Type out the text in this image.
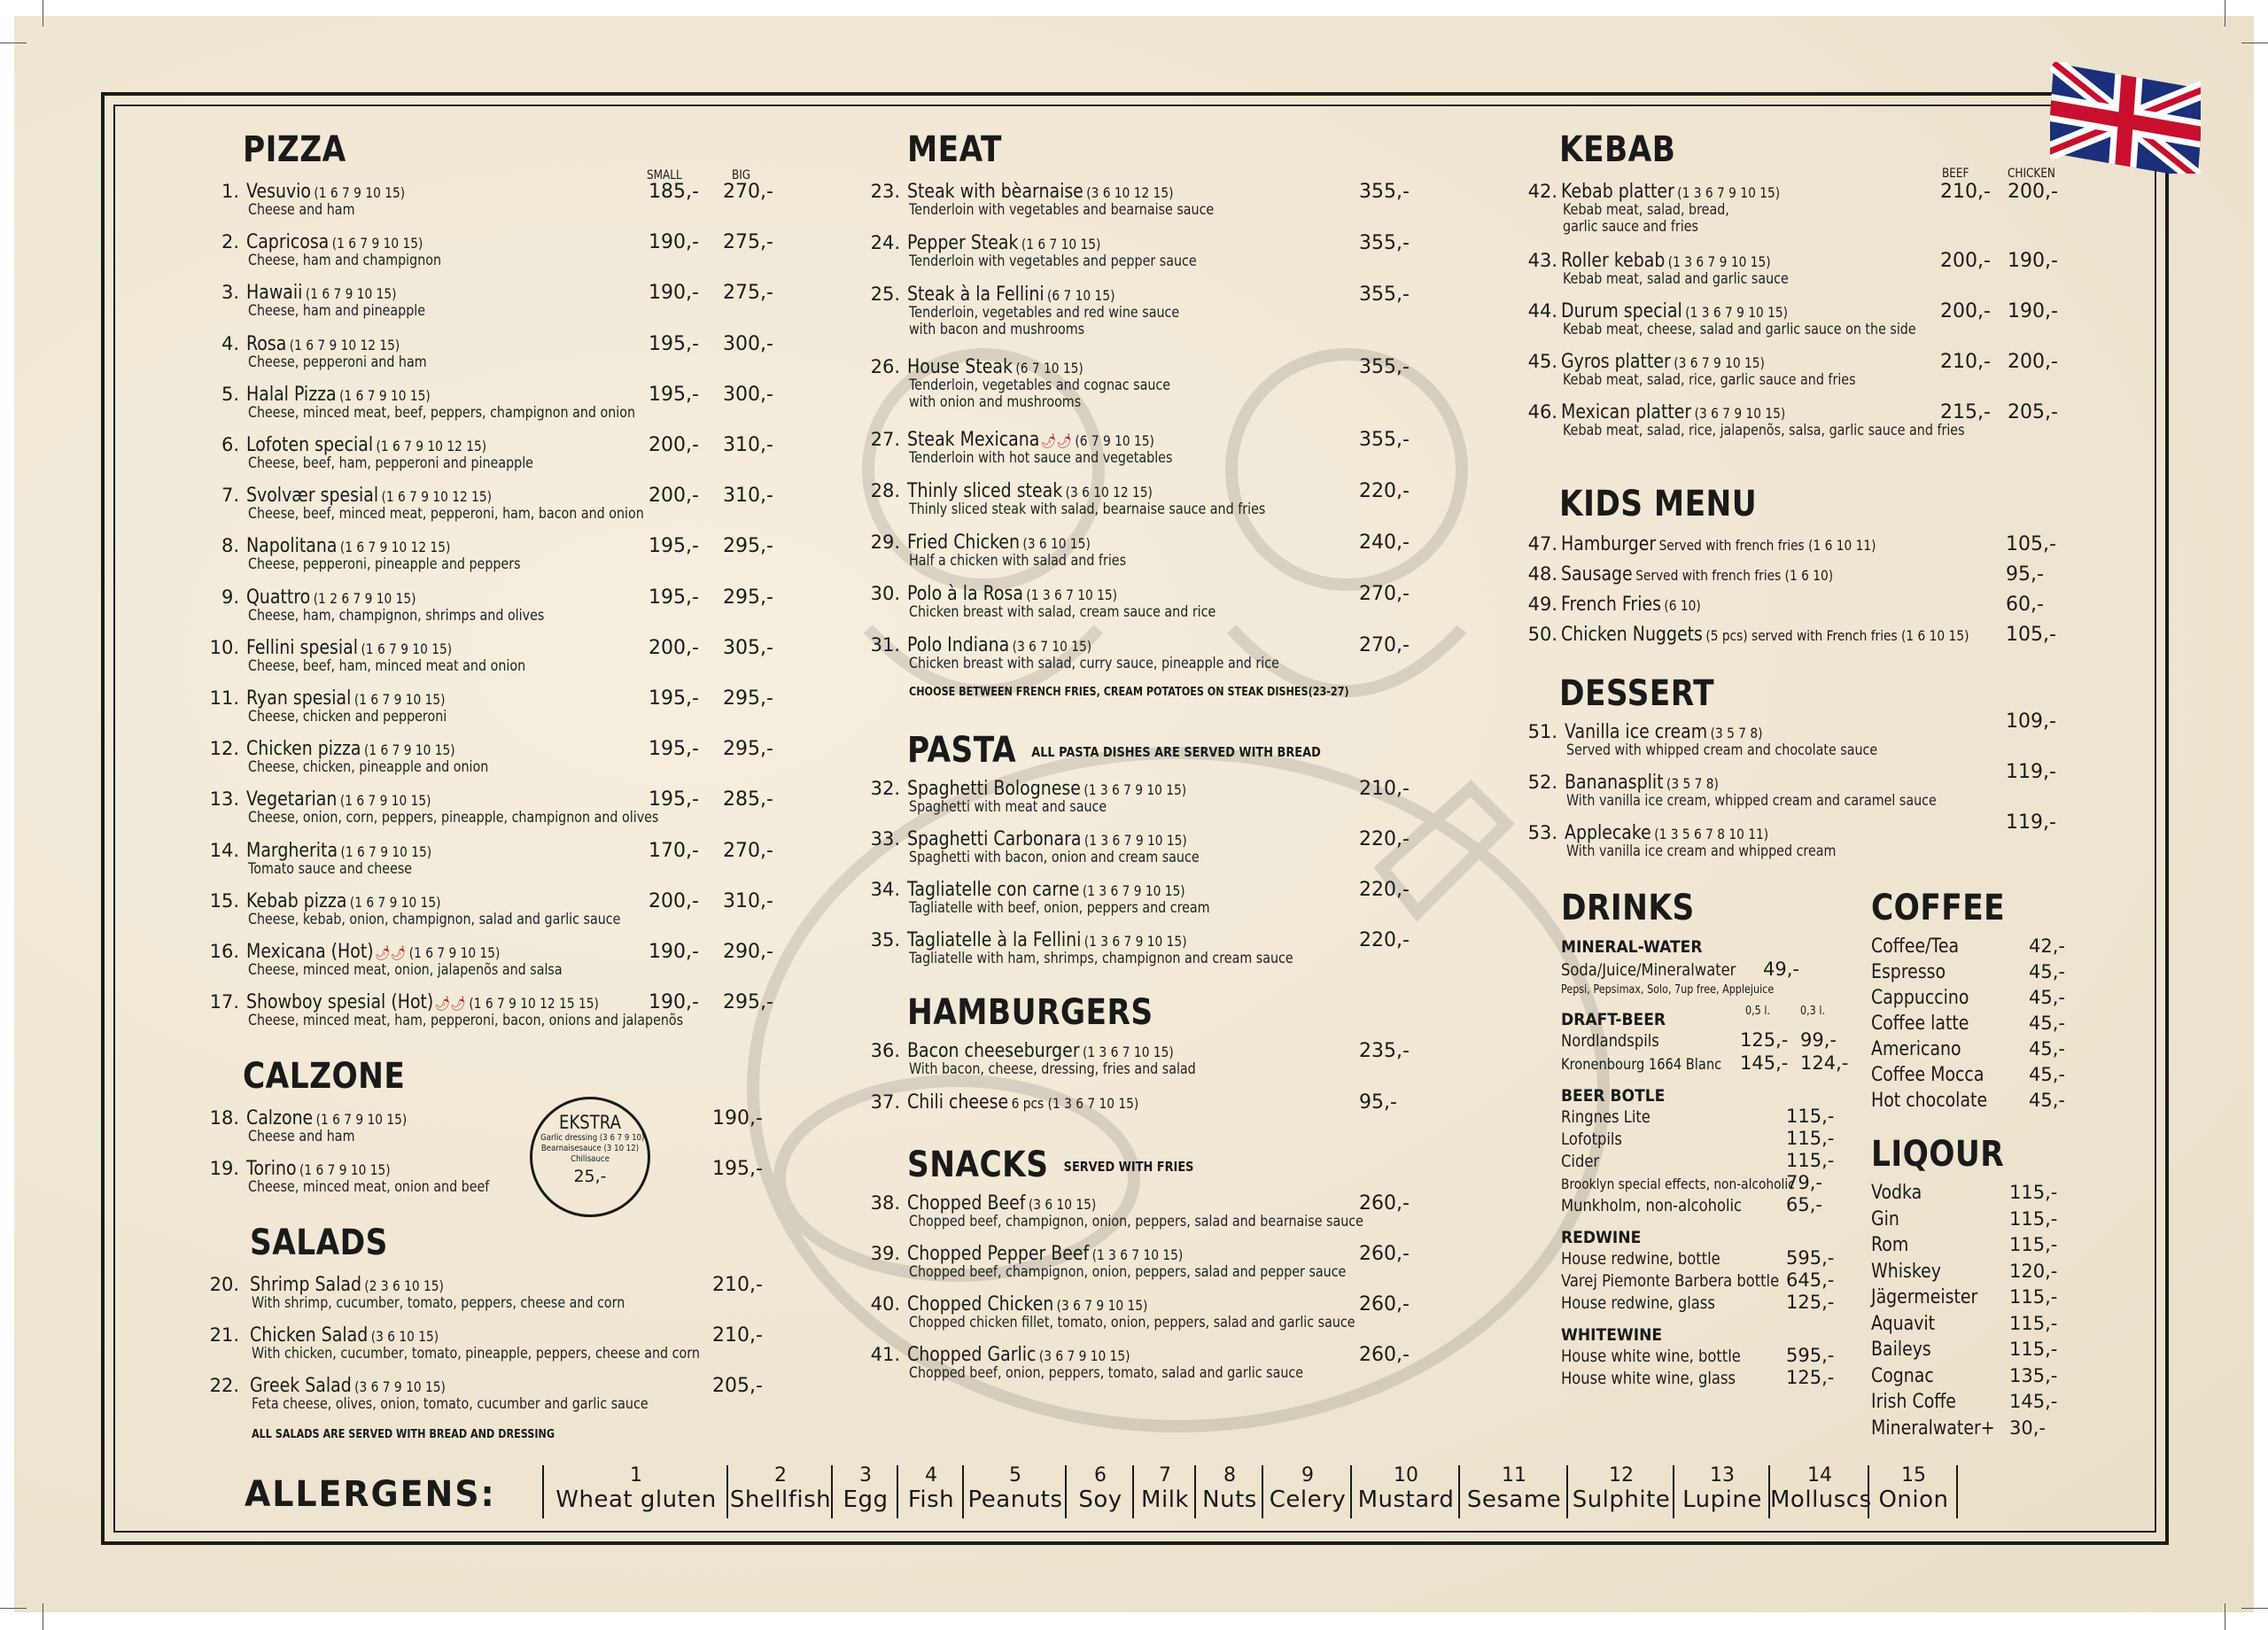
PIZZA
SMALL	BIG
1. Vesuvio (1 6 7 9 10 15)
Cheese and ham
185,- 270,-
2. Capricosa (1 6 7 9 10 15)
Cheese, ham and champignon
190,- 275,-
3. Hawaii (1 6 7 9 10 15)
Cheese, ham and pineapple
190,- 275,-
4. Rosa (1 6 7 9 10 12 15)
Cheese, pepperoni and ham
195,- 300,-
5. Halal Pizza (1 6 7 9 10 15)
Cheese, minced meat, beef, peppers, champignon and onion
195,- 300,-
6. Lofoten special (1 6 7 9 10 12 15)
Cheese, beef, ham, pepperoni and pineapple
200,- 310,-
7. Svolvær spesial (1 6 7 9 10 12 15)
Cheese, beef, minced meat, pepperoni, ham, bacon and onion
200,- 310,-
8. Napolitana (1 6 7 9 10 12 15)
Cheese, pepperoni, pineapple and peppers
195,- 295,-
9. Quattro (1 2 6 7 9 10 15)
Cheese, ham, champignon, shrimps and olives
195,- 295,-
10. Fellini spesial (1 6 7 9 10 15)
Cheese, beef, ham, minced meat and onion
200,- 305,-
11. Ryan spesial (1 6 7 9 10 15)
Cheese, chicken and pepperoni
195,- 295,-
12. Chicken pizza (1 6 7 9 10 15)
Cheese, chicken, pineapple and onion
195,- 295,-
13. Vegetarian (1 6 7 9 10 15)
Cheese, onion, corn, peppers, pineapple, champignon and olives
195,- 285,-
14. Margherita (1 6 7 9 10 15)
Tomato sauce and cheese
170,- 270,-
15. Kebab pizza (1 6 7 9 10 15)
Cheese, kebab, onion, champignon, salad and garlic sauce
200,- 310,-
16. Mexicana (Hot) 🌶🌶 (1 6 7 9 10 15)
Cheese, minced meat, onion, jalapenõs and salsa
190,- 290,-
17. Showboy spesial (Hot) 🌶🌶 (1 6 7 9 10 12 15 15)
Cheese, minced meat, ham, pepperoni, bacon, onions and jalapenõs
190,- 295,-
CALZONE
18. Calzone (1 6 7 9 10 15)
Cheese and ham
190,-
19. Torino (1 6 7 9 10 15)
Cheese, minced meat, onion and beef
195,-
EKSTRA
Garlic dressing (3 6 7 9 10)
Bearnaisesauce (3 10 12)
Chilisauce
25,-
SALADS
20. Shrimp Salad (2 3 6 10 15)
With shrimp, cucumber, tomato, peppers, cheese and corn
210,-
21. Chicken Salad (3 6 10 15)
With chicken, cucumber, tomato, pineapple, peppers, cheese and corn
210,-
22. Greek Salad (3 6 7 9 10 15)
Feta cheese, olives, onion, tomato, cucumber and garlic sauce
205,-
ALL SALADS ARE SERVED WITH BREAD AND DRESSING
MEAT
23. Steak with bèarnaise (3 6 10 12 15)
Tenderloin with vegetables and bearnaise sauce
355,-
24. Pepper Steak (1 6 7 10 15)
Tenderloin with vegetables and pepper sauce
355,-
25. Steak à la Fellini (6 7 10 15)
Tenderloin, vegetables and red wine sauce
with bacon and mushrooms
355,-
26. House Steak (6 7 10 15)
Tenderloin, vegetables and cognac sauce
with onion and mushrooms
355,-
27. Steak Mexicana 🌶🌶 (6 7 9 10 15)
Tenderloin with hot sauce and vegetables
355,-
28. Thinly sliced steak (3 6 10 12 15)
Thinly sliced steak with salad, bearnaise sauce and fries
220,-
29. Fried Chicken (3 6 10 15)
Half a chicken with salad and fries
240,-
30. Polo à la Rosa (1 3 6 7 10 15)
Chicken breast with salad, cream sauce and rice
270,-
31. Polo Indiana (3 6 7 10 15)
Chicken breast with salad, curry sauce, pineapple and rice
270,-
CHOOSE BETWEEN FRENCH FRIES, CREAM POTATOES ON STEAK DISHES(23-27)
PASTA ALL PASTA DISHES ARE SERVED WITH BREAD
32. Spaghetti Bolognese (1 3 6 7 9 10 15)
Spaghetti with meat and sauce
210,-
33. Spaghetti Carbonara (1 3 6 7 9 10 15)
Spaghetti with bacon, onion and cream sauce
220,-
34. Tagliatelle con carne (1 3 6 7 9 10 15)
Tagliatelle with beef, onion, peppers and cream
220,-
35. Tagliatelle à la Fellini (1 3 6 7 9 10 15)
Tagliatelle with ham, shrimps, champignon and cream sauce
220,-
HAMBURGERS
36. Bacon cheeseburger (1 3 6 7 10 15)
With bacon, cheese, dressing, fries and salad
235,-
37. Chili cheese 6 pcs (1 3 6 7 10 15)	95,-
SNACKS SERVED WITH FRIES
38. Chopped Beef (3 6 10 15)
Chopped beef, champignon, onion, peppers, salad and bearnaise sauce
260,-
39. Chopped Pepper Beef (1 3 6 7 10 15)
Chopped beef, champignon, onion, peppers, salad and pepper sauce
260,-
40. Chopped Chicken (3 6 7 9 10 15)
Chopped chicken fillet, tomato, onion, peppers, salad and garlic sauce
260,-
41. Chopped Garlic (3 6 7 9 10 15)
Chopped beef, onion, peppers, tomato, salad and garlic sauce
260,-
KEBAB
BEEF	CHICKEN
42. Kebab platter (1 3 6 7 9 10 15)
Kebab meat, salad, bread,
garlic sauce and fries
210,- 200,-
43. Roller kebab (1 3 6 7 9 10 15)
Kebab meat, salad and garlic sauce
200,- 190,-
44. Durum special (1 3 6 7 9 10 15)
Kebab meat, cheese, salad and garlic sauce on the side
200,- 190,-
45. Gyros platter (3 6 7 9 10 15)
Kebab meat, salad, rice, garlic sauce and fries
210,- 200,-
46. Mexican platter (3 6 7 9 10 15)
Kebab meat, salad, rice, jalapenõs, salsa, garlic sauce and fries
215,- 205,-
KIDS MENU
47. Hamburger Served with french fries (1 6 10 11)	105,-
48. Sausage Served with french fries (1 6 10)	95,-
49. French Fries (6 10)	60,-
50. Chicken Nuggets (5 pcs) served with French fries (1 6 10 15) 105,-
DESSERT
51. Vanilla ice cream (3 5 7 8)
Served with whipped cream and chocolate sauce
109,-
52. Bananasplit (3 5 7 8)
With vanilla ice cream, whipped cream and caramel sauce
119,-
53. Applecake (1 3 5 6 7 8 10 11)
With vanilla ice cream and whipped cream
119,-
DRINKS
MINERAL-WATER
Soda/Juice/Mineralwater 49,-
Pepsi, Pepsimax, Solo, 7up free, Applejuice
DRAFT-BEER	0,5 l.	0,3 l.
Nordlandspils	125,- 99,-
Kronenbourg 1664 Blanc 145,- 124,-
BEER BOTLE
Ringnes Lite	115,-
Lofotpils	115,-
Cider	115,-
Brooklyn special effects, non-alcoholic
79,-
Munkholm, non-alcoholic 65,-
REDWINE
House redwine, bottle	595,-
Varej Piemonte Barbera bottle 645,-
House redwine, glass	125,-
WHITEWINE
House white wine, bottle 595,-
House white wine, glass	125,-
COFFEE
Coffee/Tea	42,-
Espresso	45,-
Cappuccino	45,-
Coffee latte	45,-
Americano	45,-
Coffee Mocca 45,-
Hot chocolate 45,-
LIQOUR
Vodka	115,-
Gin	115,-
Rom	115,-
Whiskey	120,-
Jägermeister 115,-
Aquavit	115,-
Baileys	115,-
Cognac	135,-
Irish Coffe	145,-
Mineralwater+ 30,-
ALLERGENS:	1
Wheat gluten
2
Shellfish
3
Egg
4
Fish
5
Peanuts
6
Soy
7
Milk
8
Nuts
9
Celery
10
Mustard
11
Sesame
12
Sulphite
13
Lupine
14
Molluscs
15
Onion
